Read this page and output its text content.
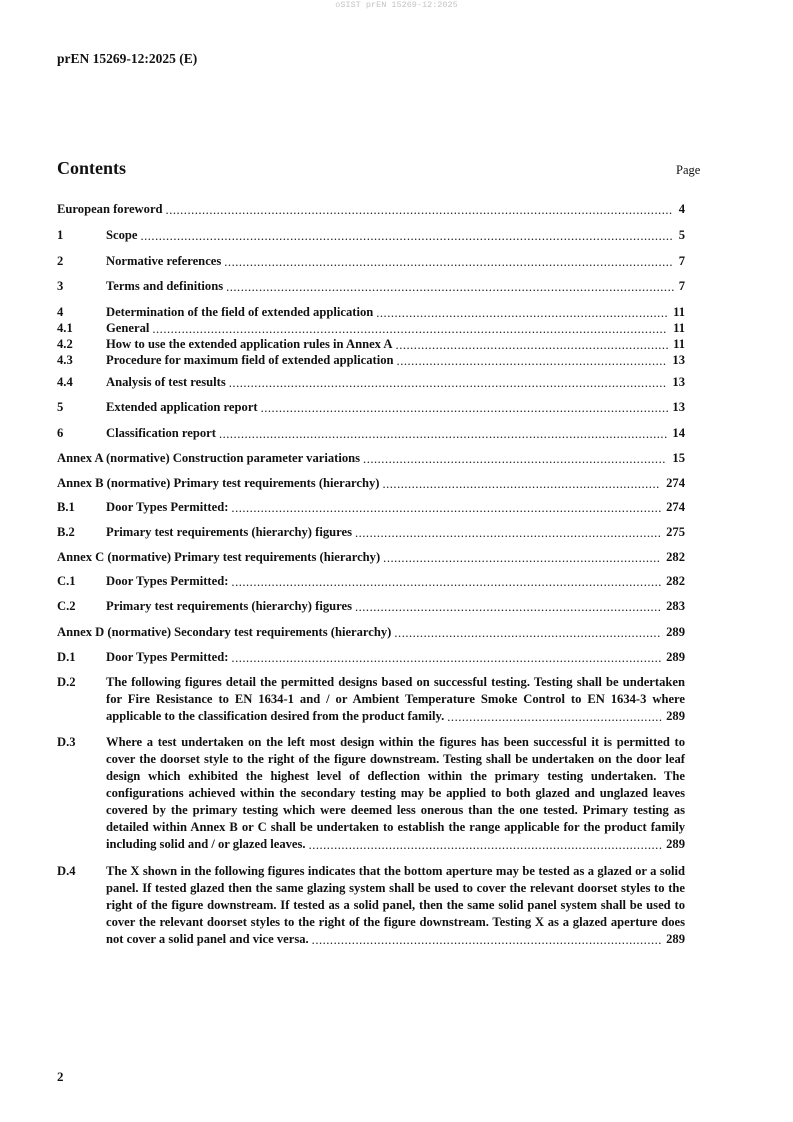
oSIST prEN 15269-12:2025
prEN 15269-12:2025 (E)
Contents	Page
European foreword	4
...........................................................................................................................................
1	Scope	5
..................................................................................................................................................
2	Normative references	7
...........................................................................................................................
3	Terms and definitions	7
...........................................................................................................................
4	Determination of the field of extended application	11
................................................................................
4.1	General	11
.............................................................................................................................................
4.2	How to use the extended application rules in Annex A	11
...........................................................................
4.3	Procedure for maximum field of extended application	13
..........................................................................
4.4	Analysis of test results	13
........................................................................................................................
5	Extended application report	13
................................................................................................................
6	Classification report	14
...........................................................................................................................
Annex A (normative) Construction parameter variations	15
...................................................................................
Annex B (normative) Primary test requirements (hierarchy)	274
............................................................................
B.1	Door Types Permitted:	274
......................................................................................................................
B.2	Primary test requirements (hierarchy) figures	275
....................................................................................
Annex C (normative) Primary test requirements (hierarchy)	282
............................................................................
C.1	Door Types Permitted:	282
......................................................................................................................
C.2	Primary test requirements (hierarchy) figures	283
....................................................................................
Annex D (normative) Secondary test requirements (hierarchy)	289
.........................................................................
D.1	Door Types Permitted:	289
......................................................................................................................
D.2	The following figures detail the permitted designs based on successful testing. Testing shall be undertaken for Fire Resistance to EN 1634-1 and / or Ambient Temperature Smoke Control to EN 1634-3 where applicable to the classification desired from the product family.	289
...........................................................
D.3	Where a test undertaken on the left most design within the figures has been successful it is permitted to cover the doorset style to the right of the figure downstream. Testing shall be undertaken on the door leaf design which exhibited the highest level of deflection within the primary testing undertaken. The configurations achieved within the secondary testing may be applied to both glazed and unglazed leaves covered by the primary testing which were deemed less onerous than the one tested. Primary testing as detailed within Annex B or C shall be undertaken to establish the range applicable for the product family including solid and / or glazed leaves.	289
.................................................................................................
D.4	The X shown in the following figures indicates that the bottom aperture may be tested as a glazed or a solid panel. If tested glazed then the same glazing system shall be used to cover the relevant doorset styles to the right of the figure downstream. If tested as a solid panel, then the same solid panel system shall be used to cover the relevant doorset styles to the right of the figure downstream. Testing X as a glazed aperture does not cover a solid panel and vice versa.	289
................................................................................................
2
